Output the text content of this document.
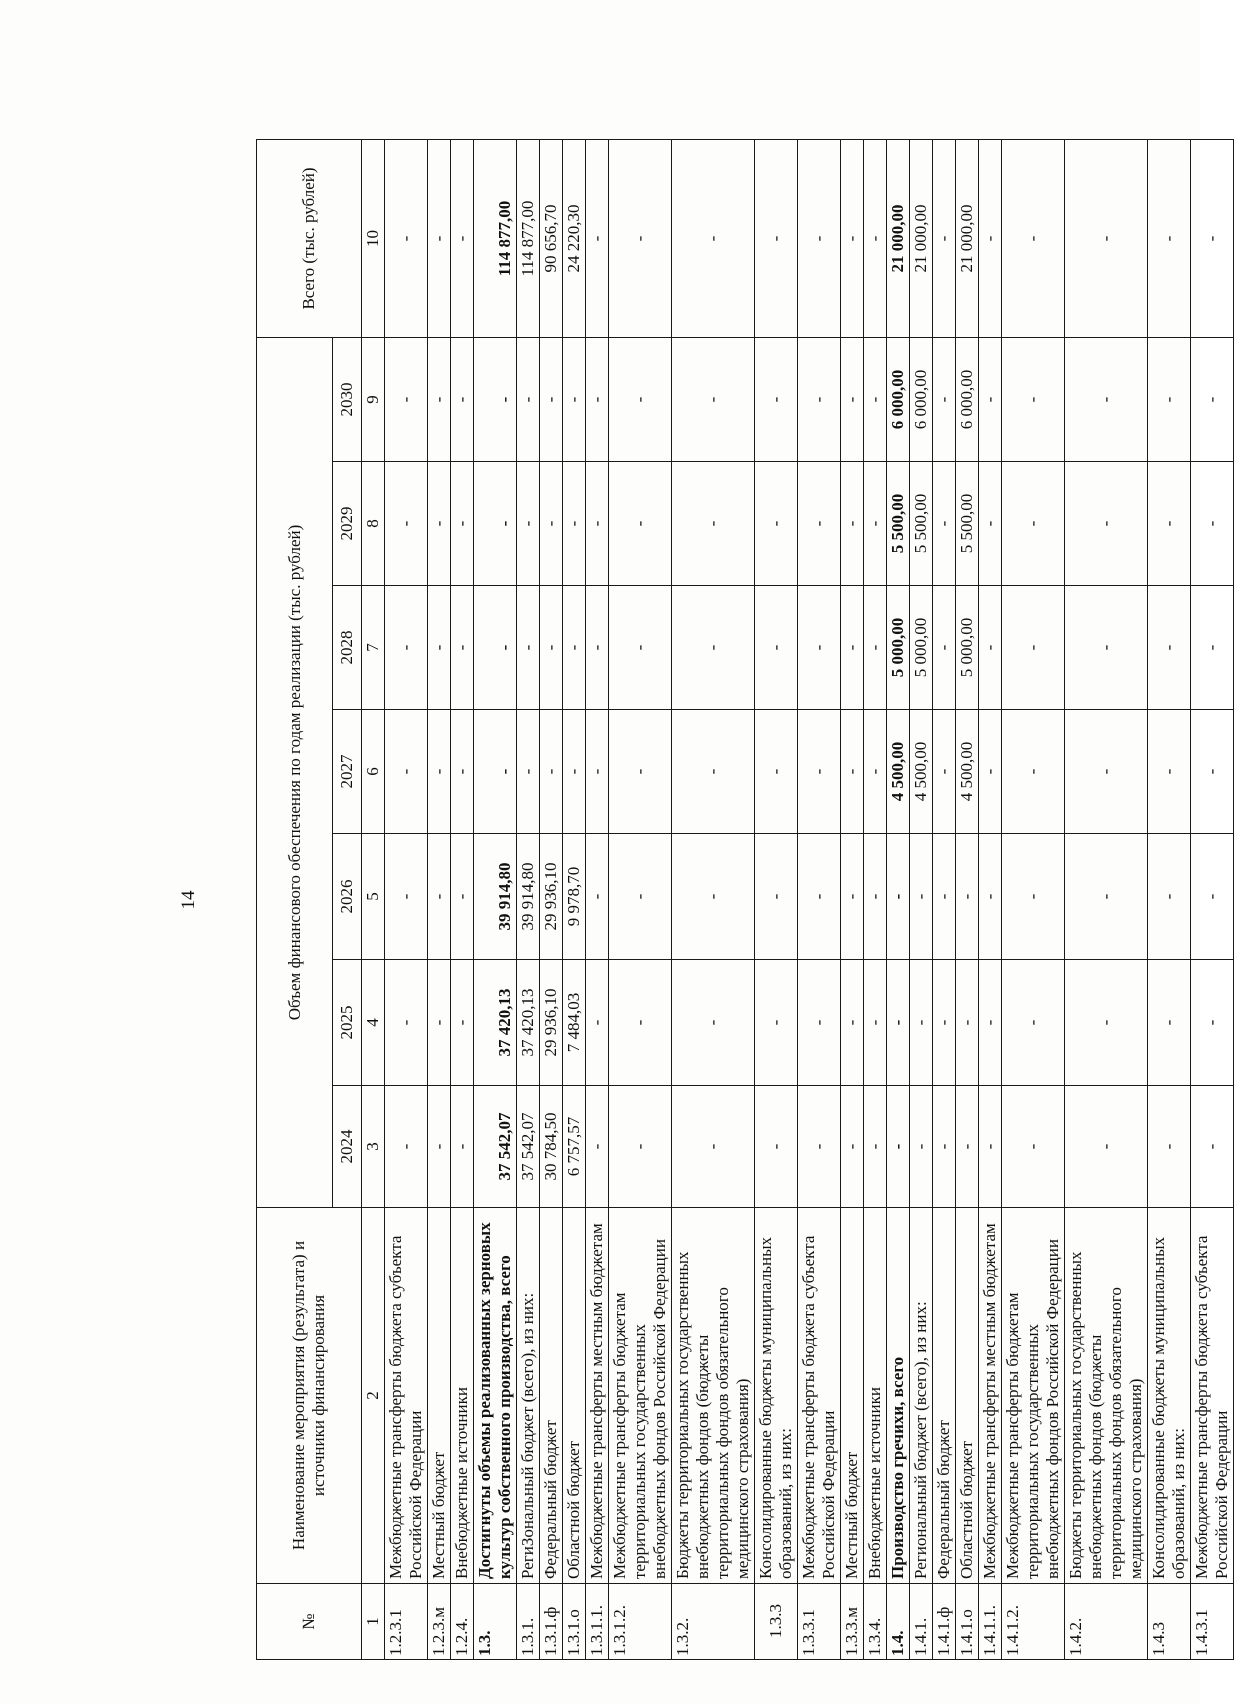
14
№	Наименование мероприятия (результата) и источники финансирования	Объем финансового обеспечения по годам реализации (тыс. рублей)							Всего (тыс. рублей)
		2024	2025	2026	2027	2028	2029	2030	
1	2	3	4	5	6	7	8	9	10
1.2.3.1	Межбюджетные трансферты бюджета субъекта Российской Федерации	-	-	-	-	-	-	-	-
1.2.3.м	Местный бюджет	-	-	-	-	-	-	-	-
1.2.4.	Внебюджетные источники	-	-	-	-	-	-	-	-
1.3.	Достигнуты объемы реализованных зерновых культур собственного производства, всего	37 542,07	37 420,13	39 914,80	-	-	-	-	114 877,00
1.3.1.	РегиЗональный бюджет (всего), из них:	37 542,07	37 420,13	39 914,80	-	-	-	-	114 877,00
1.3.1.ф	Федеральный бюджет	30 784,50	29 936,10	29 936,10	-	-	-	-	90 656,70
1.3.1.о	Областной бюджет	6 757,57	7 484,03	9 978,70	-	-	-	-	24 220,30
1.3.1.1.	Межбюджетные трансферты местным бюджетам	-	-	-	-	-	-	-	-
1.3.1.2.	Межбюджетные трансферты бюджетам территориальных государственных внебюджетных фондов Российской Федерации	-	-	-	-	-	-	-	-
1.3.2.	Бюджеты территориальных государственных внебюджетных фондов (бюджеты территориальных фондов обязательного медицинского страхования)	-	-	-	-	-	-	-	-
1.3.3	Консолидированные бюджеты муниципальных образований, из них:	-	-	-	-	-	-	-	-
1.3.3.1	Межбюджетные трансферты бюджета субъекта Российской Федерации	-	-	-	-	-	-	-	-
1.3.3.м	Местный бюджет	-	-	-	-	-	-	-	-
1.3.4.	Внебюджетные источники	-	-	-	-	-	-	-	-
1.4.	Производство гречихи, всего	-	-	-	4 500,00	5 000,00	5 500,00	6 000,00	21 000,00
1.4.1.	Региональный бюджет (всего), из них:	-	-	-	4 500,00	5 000,00	5 500,00	6 000,00	21 000,00
1.4.1.ф	Федеральный бюджет	-	-	-	-	-	-	-	-
1.4.1.о	Областной бюджет	-	-	-	4 500,00	5 000,00	5 500,00	6 000,00	21 000,00
1.4.1.1.	Межбюджетные трансферты местным бюджетам	-	-	-	-	-	-	-	-
1.4.1.2.	Межбюджетные трансферты бюджетам территориальных государственных внебюджетных фондов Российской Федерации	-	-	-	-	-	-	-	-
1.4.2.	Бюджеты территориальных государственных внебюджетных фондов (бюджеты территориальных фондов обязательного медицинского страхования)	-	-	-	-	-	-	-	-
1.4.3	Консолидированные бюджеты муниципальных образований, из них:	-	-	-	-	-	-	-	-
1.4.3.1	Межбюджетные трансферты бюджета субъекта Российской Федерации	-	-	-	-	-	-	-	-
